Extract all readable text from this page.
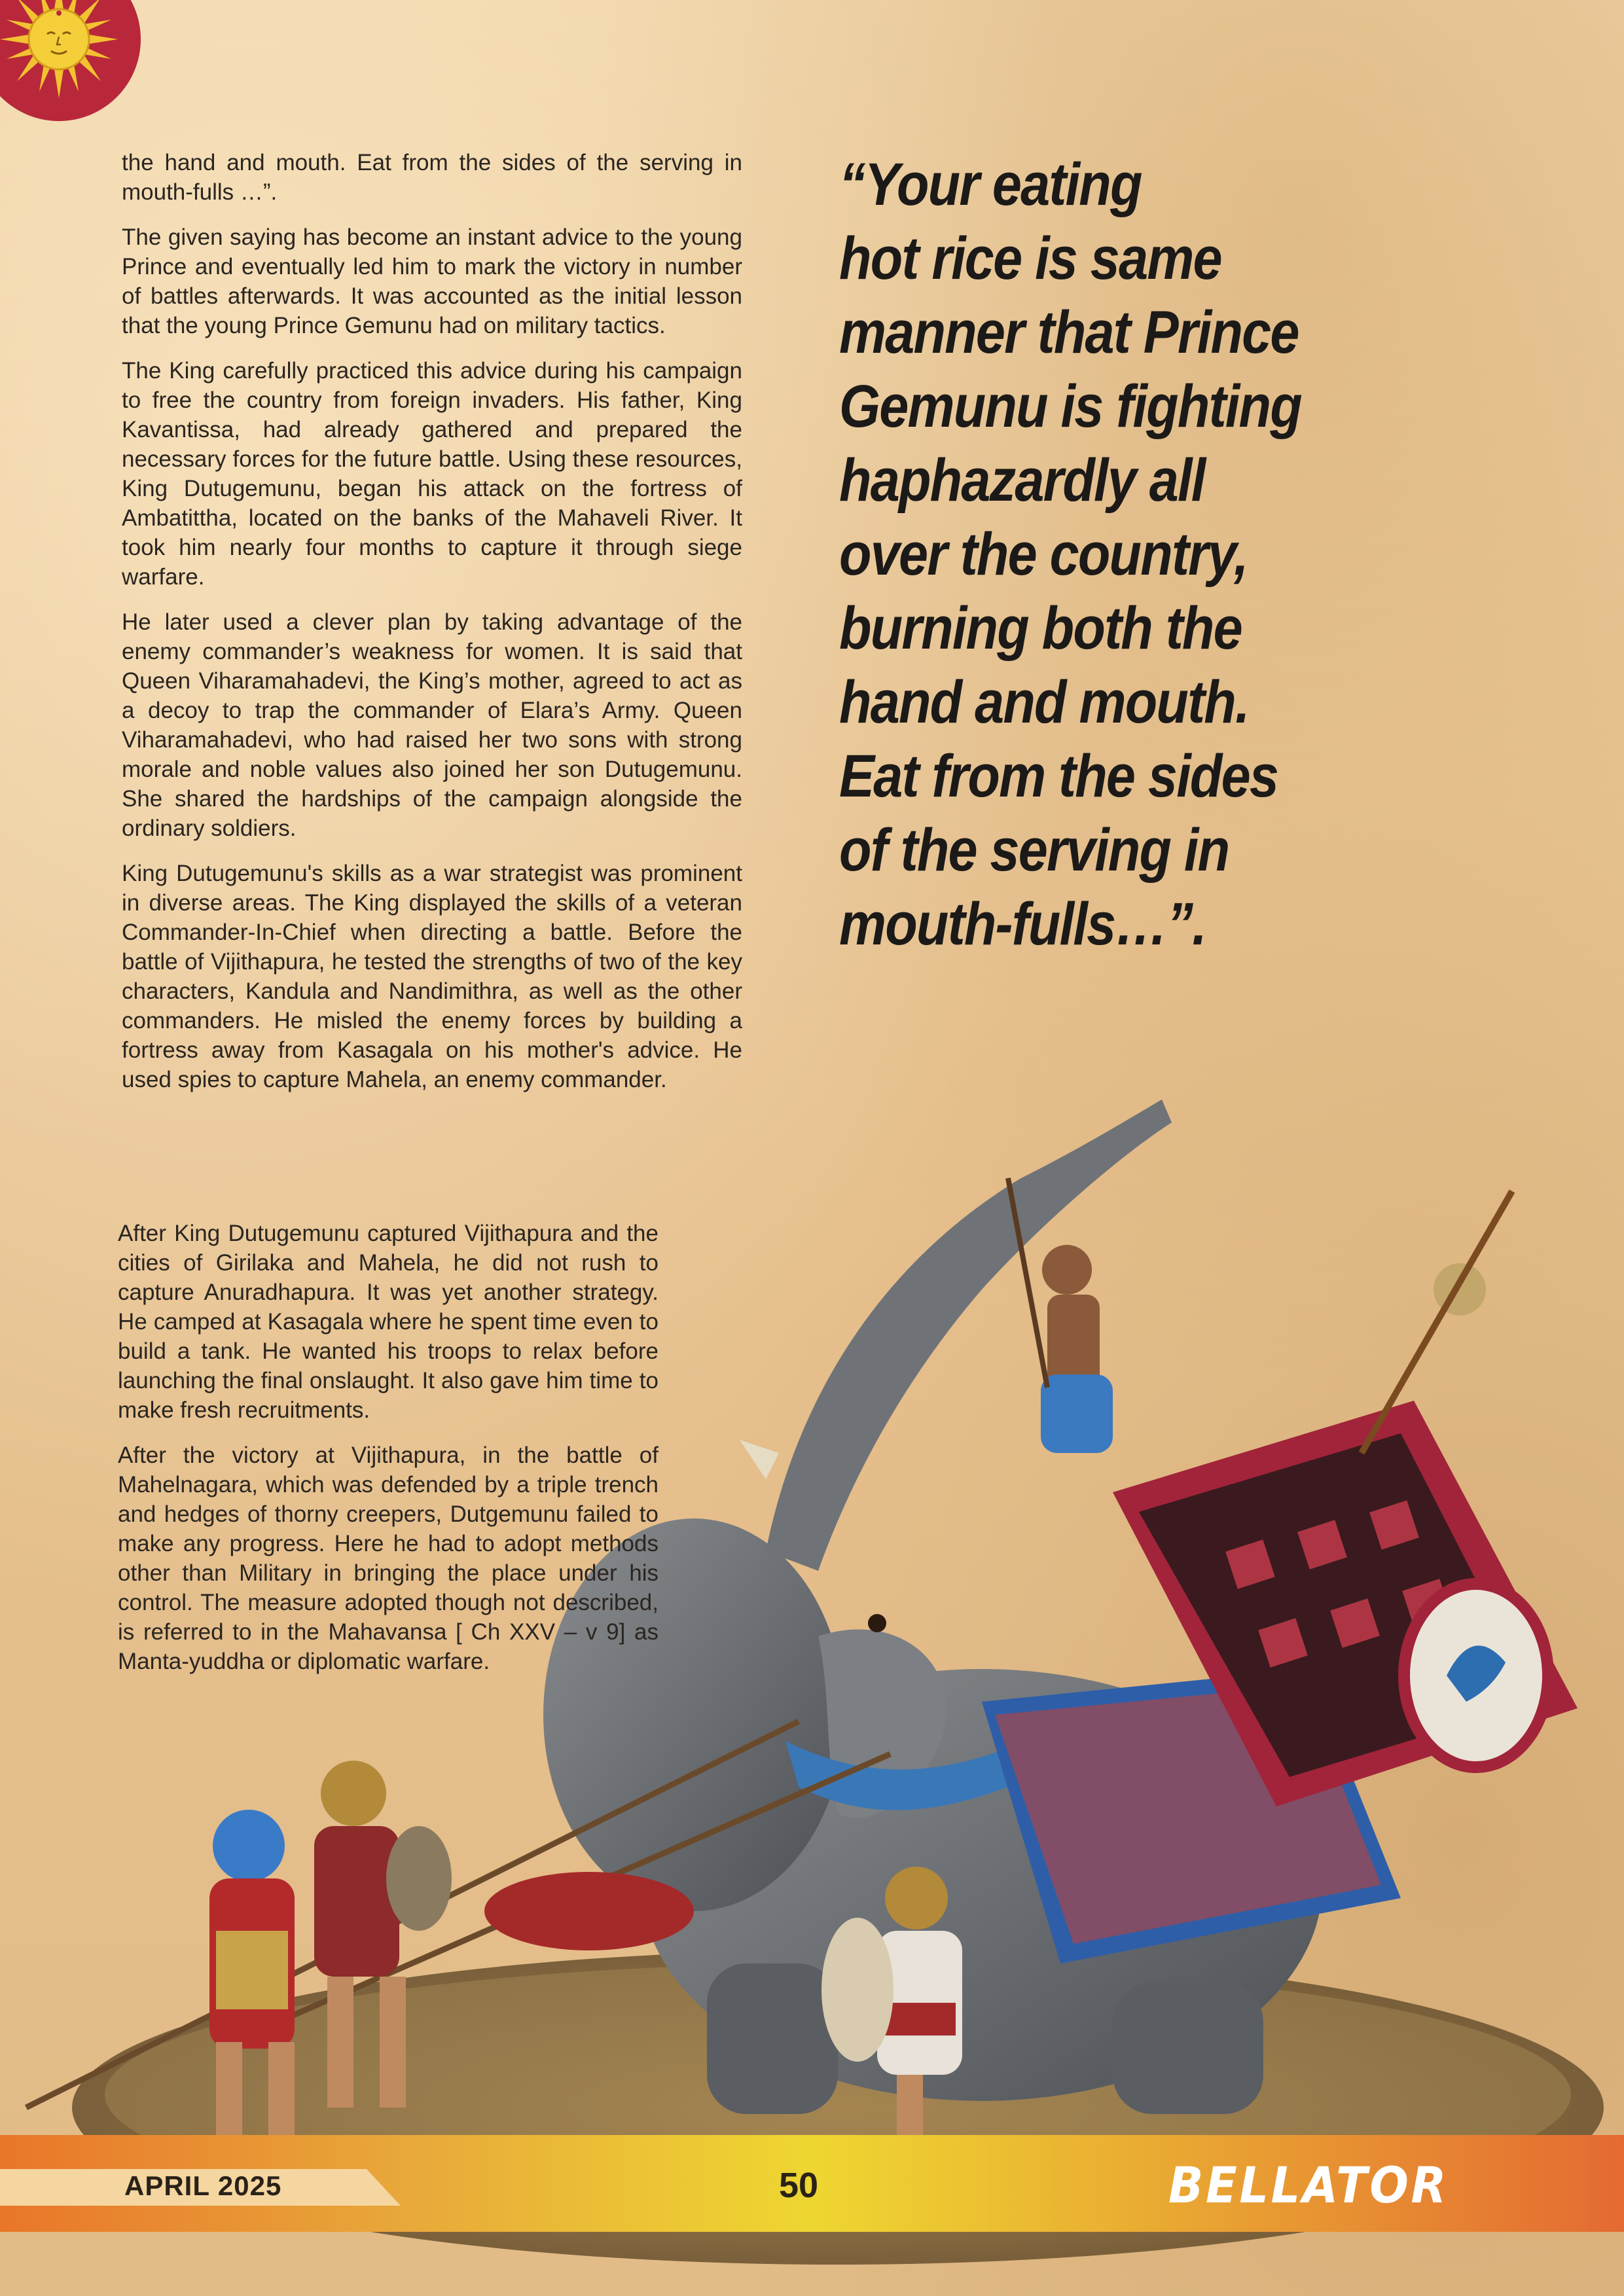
the hand and mouth. Eat from the sides of the serving in mouth-fulls …”.

The given saying has become an instant advice to the young Prince and eventually led him to mark the victory in number of battles afterwards. It was accounted as the initial lesson that the young Prince Gemunu had on military tactics.

The King carefully practiced this advice during his campaign to free the country from foreign invaders. His father, King Kavantissa, had already gathered and prepared the necessary forces for the future battle. Using these resources, King Dutugemunu, began his attack on the fortress of Ambatittha, located on the banks of the Mahaveli River. It took him nearly four months to capture it through siege warfare.

He later used a clever plan by taking advantage of the enemy commander’s weakness for women. It is said that Queen Viharamahadevi, the King’s mother, agreed to act as a decoy to trap the commander of Elara’s Army. Queen Viharamahadevi, who had raised her two sons with strong morale and noble values also joined her son Dutugemunu. She shared the hardships of the campaign alongside the ordinary soldiers.

King Dutugemunu's skills as a war strategist was prominent in diverse areas. The King displayed the skills of a veteran Commander-In-Chief when directing a battle. Before the battle of Vijithapura, he tested the strengths of two of the key characters, Kandula and Nandimithra, as well as the other commanders. He misled the enemy forces by building a fortress away from Kasagala on his mother's advice. He used spies to capture Mahela, an enemy commander.

“Your eating
hot rice is same
manner that Prince
Gemunu is fighting
haphazardly all
over the country,
burning both the
hand and mouth.
Eat from the sides
of the serving in
mouth-fulls…”.
APRIL 2025	50	BELLATOR

After King Dutugemunu captured Vijithapura and the cities of Girilaka and Mahela, he did not rush to capture Anuradhapura. It was yet another strategy. He camped at Kasagala where he spent time even to build a tank. He wanted his troops to relax before launching the final onslaught. It also gave him time to make fresh recruitments.

After the victory at Vijithapura, in the battle of Mahelnagara, which was defended by a triple trench and hedges of thorny creepers, Dutgemunu failed to make any progress. Here he had to adopt methods other than Military in bringing the place under his control. The measure adopted though not described, is referred to in the Mahavansa [ Ch XXV – v 9] as Manta-yuddha or diplomatic warfare.
